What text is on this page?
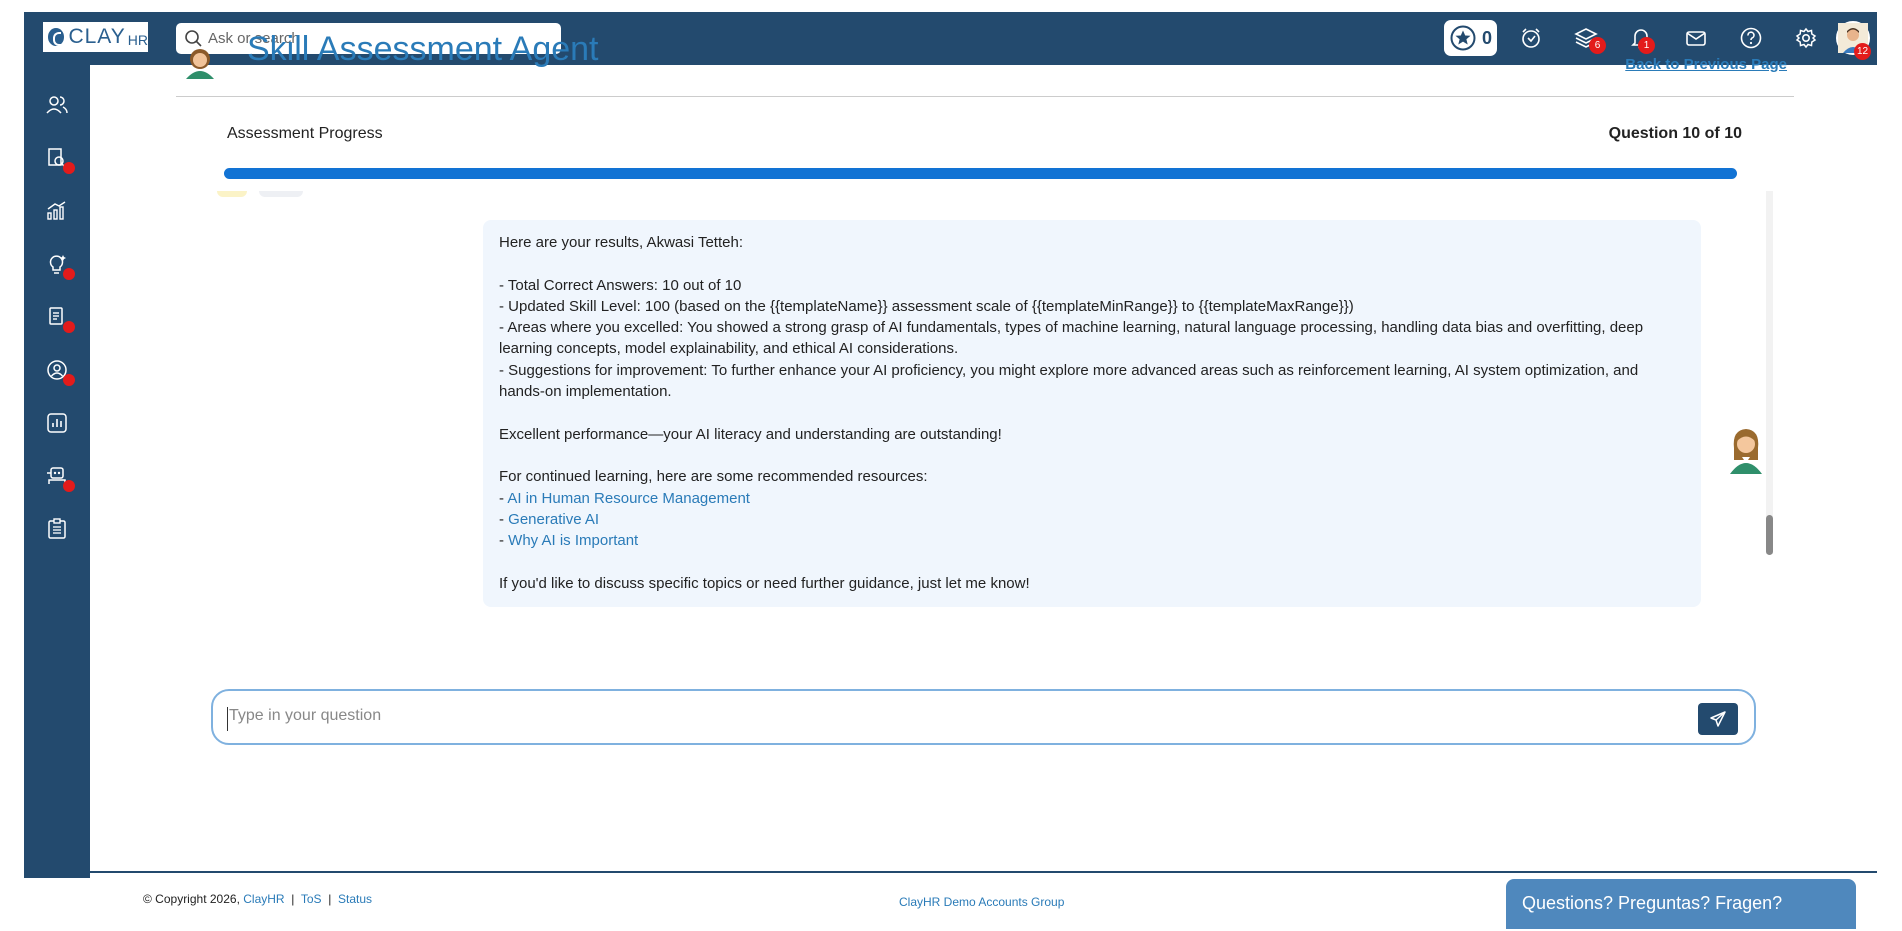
CLAY HR
Ask or search	0	6	1
12
Skill Assessment Agent	Back to Previous Page
Assessment Progress	Question 10 of 10

Here are your results, Akwasi Tetteh:

- Total Correct Answers: 10 out of 10

- Updated Skill Level: 100 (based on the {{templateName}} assessment scale of {{templateMinRange}} to {{templateMaxRange}})

- Areas where you excelled: You showed a strong grasp of AI fundamentals, types of machine learning, natural language processing, handling data bias and overfitting, deep learning concepts, model explainability, and ethical AI considerations.

- Suggestions for improvement: To further enhance your AI proficiency, you might explore more advanced areas such as reinforcement learning, AI system optimization, and hands-on implementation.

Excellent performance—your AI literacy and understanding are outstanding!

For continued learning, here are some recommended resources:

- AI in Human Resource Management

- Generative AI

- Why AI is Important

If you'd like to discuss specific topics or need further guidance, just let me know!

Type in your question
© Copyright 2026, ClayHR | ToS | Status	ClayHR Demo Accounts Group	Questions? Preguntas? Fragen?
